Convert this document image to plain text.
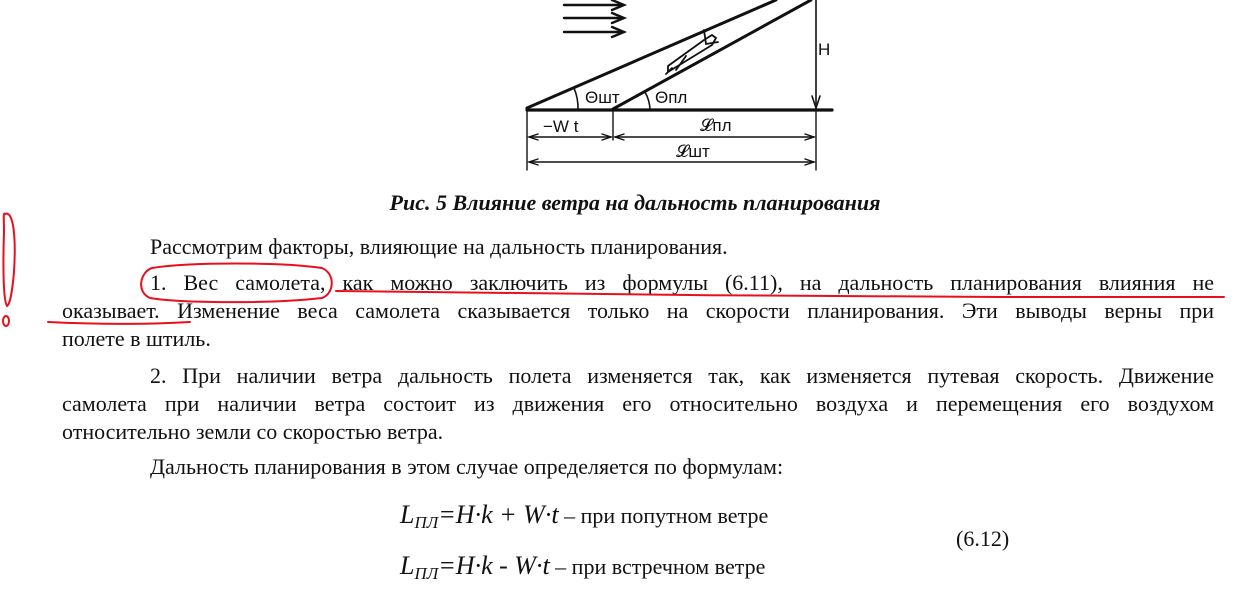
H
Θшт Θпл
−W t	𝓛пл
𝓛шт
Рис. 5 Влияние ветра на дальность планирования
Рассмотрим факторы, влияющие на дальность планирования.
1. Вес самолета, как можно заключить из формулы (6.11), на дальность планирования влияния не
оказывает. Изменение веса самолета сказывается только на скорости планирования. Эти выводы верны при
полете в штиль.
2. При наличии ветра дальность полета изменяется так, как изменяется путевая скорость. Движение
самолета при наличии ветра состоит из движения его относительно воздуха и перемещения его воздухом
относительно земли со скоростью ветра.
Дальность планирования в этом случае определяется по формулам:
$L_{ПЛ}=H\cdot k + W\cdot t$ – при попутном ветре
$L_{ПЛ}=H\cdot k - W\cdot t$ – при встречном ветре
(6.12)
